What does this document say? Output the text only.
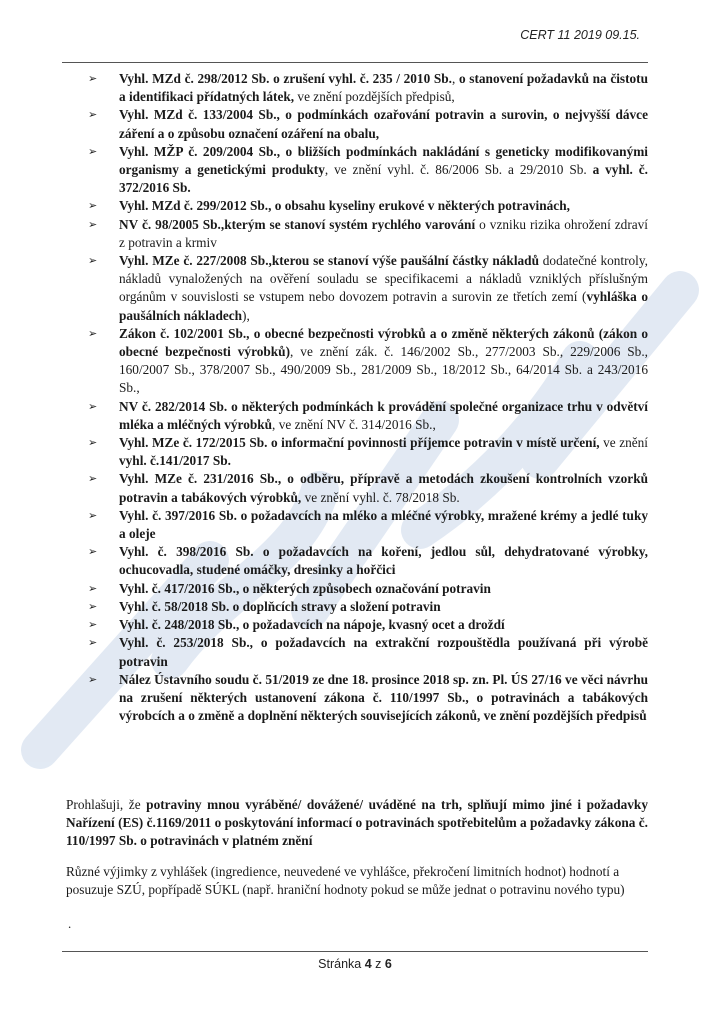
CERT 11 2019 09.15.
➢ Vyhl. MZd č. 298/2012 Sb. o zrušení vyhl. č. 235 / 2010 Sb., o stanovení požadavků na čistotu a identifikaci přídatných látek, ve znění pozdějších předpisů,
➢ Vyhl. MZd č. 133/2004 Sb., o podmínkách ozařování potravin a surovin, o nejvyšší dávce záření a o způsobu označení ozáření na obalu,
➢ Vyhl. MŽP č. 209/2004 Sb., o bližších podmínkách nakládání s geneticky modifikovanými organismy a genetickými produkty, ve znění vyhl. č. 86/2006 Sb. a 29/2010 Sb. a vyhl. č. 372/2016 Sb.
➢ Vyhl. MZd č. 299/2012 Sb., o obsahu kyseliny erukové v některých potravinách,
➢ NV č. 98/2005 Sb.,kterým se stanoví systém rychlého varování o vzniku rizika ohrožení zdraví z potravin a krmiv
➢ Vyhl. MZe č. 227/2008 Sb.,kterou se stanoví výše paušální částky nákladů dodatečné kontroly, nákladů vynaložených na ověření souladu se specifikacemi a nákladů vzniklých příslušným orgánům v souvislosti se vstupem nebo dovozem potravin a surovin ze třetích zemí (vyhláška o paušálních nákladech),
➢ Zákon č. 102/2001 Sb., o obecné bezpečnosti výrobků a o změně některých zákonů (zákon o obecné bezpečnosti výrobků), ve znění zák. č. 146/2002 Sb., 277/2003 Sb., 229/2006 Sb., 160/2007 Sb., 378/2007 Sb., 490/2009 Sb., 281/2009 Sb., 18/2012 Sb., 64/2014 Sb. a 243/2016 Sb.,
➢ NV č. 282/2014 Sb. o některých podmínkách k provádění společné organizace trhu v odvětví mléka a mléčných výrobků, ve znění NV č. 314/2016 Sb.,
➢ Vyhl. MZe č. 172/2015 Sb. o informační povinnosti příjemce potravin v místě určení, ve znění vyhl. č.141/2017 Sb.
➢ Vyhl. MZe č. 231/2016 Sb., o odběru, přípravě a metodách zkoušení kontrolních vzorků potravin a tabákových výrobků, ve znění vyhl. č. 78/2018 Sb.
➢ Vyhl. č. 397/2016 Sb. o požadavcích na mléko a mléčné výrobky, mražené krémy a jedlé tuky a oleje
➢ Vyhl. č. 398/2016 Sb. o požadavcích na koření, jedlou sůl, dehydratované výrobky, ochucovadla, studené omáčky, dresinky a hořčici
➢ Vyhl. č. 417/2016 Sb., o některých způsobech označování potravin
➢ Vyhl. č. 58/2018 Sb. o doplňcích stravy a složení potravin
➢ Vyhl. č. 248/2018 Sb., o požadavcích na nápoje, kvasný ocet a droždí
➢ Vyhl. č. 253/2018 Sb., o požadavcích na extrakční rozpouštědla používaná při výrobě potravin
➢ Nález Ústavního soudu č. 51/2019 ze dne 18. prosince 2018 sp. zn. Pl. ÚS 27/16 ve věci návrhu na zrušení některých ustanovení zákona č. 110/1997 Sb., o potravinách a tabákových výrobcích a o změně a doplnění některých souvisejících zákonů, ve znění pozdějších předpisů
Prohlašuji, že potraviny mnou vyráběné/ dovážené/ uváděné na trh, splňují mimo jiné i požadavky Nařízení (ES) č.1169/2011 o poskytování informací o potravinách spotřebitelům a požadavky zákona č. 110/1997 Sb. o potravinách v platném znění
Různé výjimky z vyhlášek (ingredience, neuvedené ve vyhlášce, překročení limitních hodnot) hodnotí a posuzuje SZÚ, popřípadě SÚKL (např. hraniční hodnoty pokud se může jednat o potravinu nového typu)
.
Stránka 4 z 6
